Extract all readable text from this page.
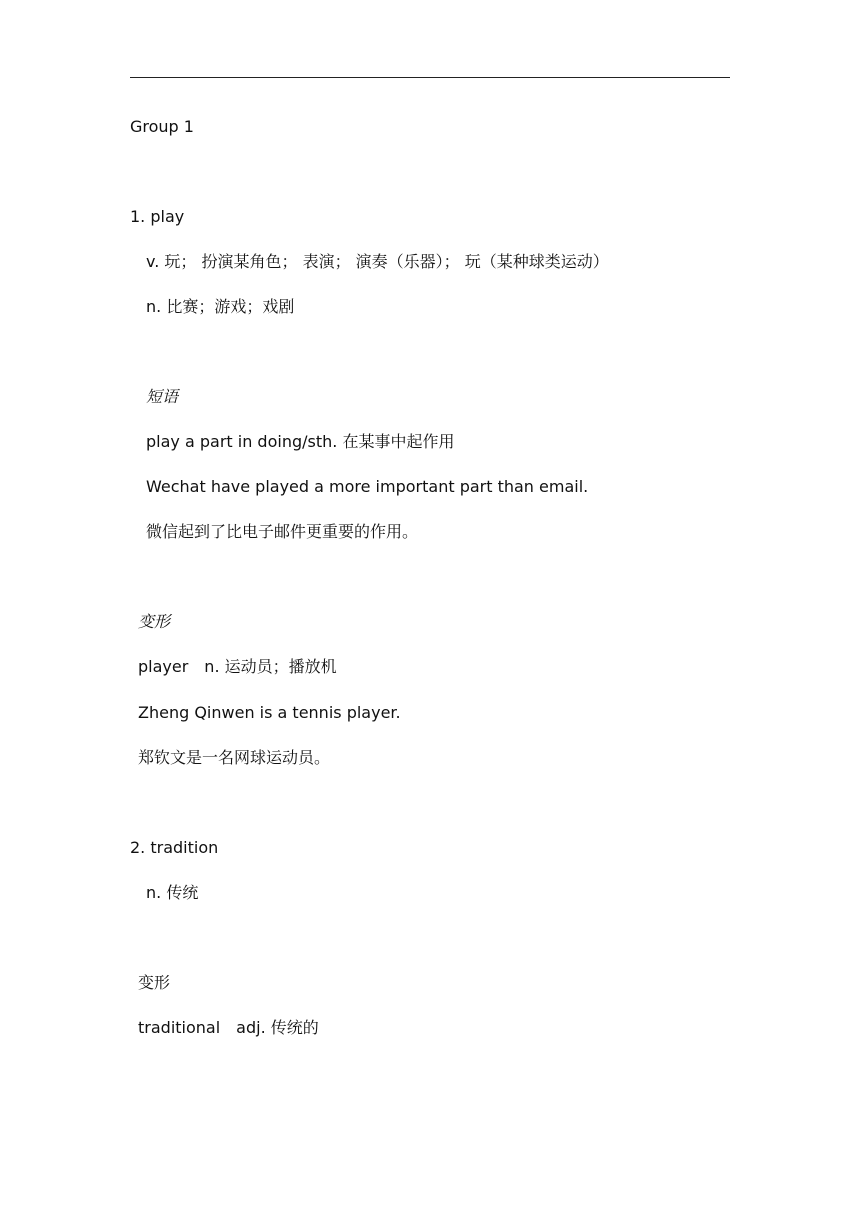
Group 1
1. play
v. 玩； 扮演某角色； 表演； 演奏（乐器）； 玩（某种球类运动）
n. 比赛；游戏；戏剧
短语
play a part in doing/sth. 在某事中起作用
Wechat have played a more important part than email.
微信起到了比电子邮件更重要的作用。
变形
player n. 运动员；播放机
Zheng Qinwen is a tennis player.
郑钦文是一名网球运动员。
2. tradition
n. 传统
变形
traditional adj. 传统的
